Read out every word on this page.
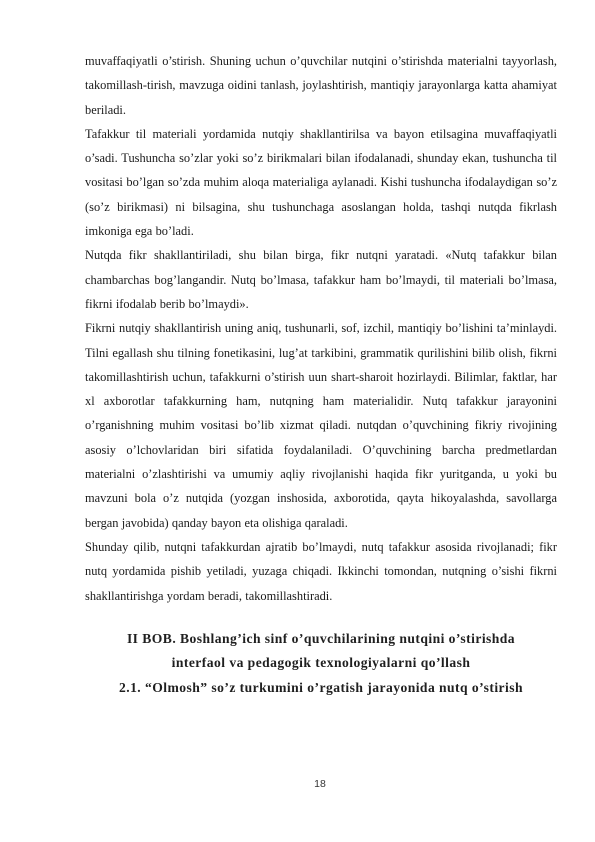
muvaffaqiyatli o’stirish. Shuning uchun o’quvchilar nutqini o’stirishda materialni tayyorlash, takomillash-tirish, mavzuga oidini tanlash, joylashtirish, mantiqiy jarayonlarga katta ahamiyat beriladi.

Tafakkur til materiali yordamida nutqiy shakllantirilsa va bayon etilsagina muvaffaqiyatli o’sadi. Tushuncha so’zlar yoki so’z birikmalari bilan ifodalanadi, shunday ekan, tushuncha til vositasi bo’lgan so’zda muhim aloqa materialiga aylanadi. Kishi tushuncha ifodalaydigan so’z (so’z birikmasi) ni bilsagina, shu tushunchaga asoslangan holda, tashqi nutqda fikrlash imkoniga ega bo’ladi.

Nutqda fikr shakllantiriladi, shu bilan birga, fikr nutqni yaratadi. «Nutq tafakkur bilan chambarchas bog’langandir. Nutq bo’lmasa, tafakkur ham bo’lmaydi, til materiali bo’lmasa, fikrni ifodalab berib bo’lmaydi».

Fikrni nutqiy shakllantirish uning aniq, tushunarli, sof, izchil, mantiqiy bo’lishini ta’minlaydi. Tilni egallash shu tilning fonetikasini, lug’at tarkibini, grammatik qurilishini bilib olish, fikrni takomillashtirish uchun, tafakkurni o’stirish uun shart-sharoit hozirlaydi. Bilimlar, faktlar, har xl axborotlar tafakkurning ham, nutqning ham materialidir. Nutq tafakkur jarayonini o’rganishning muhim vositasi bo’lib xizmat qiladi. nutqdan o’quvchining fikriy rivojining asosiy o’lchovlaridan biri sifatida foydalaniladi. O’quvchining barcha predmetlardan materialni o’zlashtirishi va umumiy aqliy rivojlanishi haqida fikr yuritganda, u yoki bu mavzuni bola o’z nutqida (yozgan inshosida, axborotida, qayta hikoyalashda, savollarga bergan javobida) qanday bayon eta olishiga qaraladi.

Shunday qilib, nutqni tafakkurdan ajratib bo’lmaydi, nutq tafakkur asosida rivojlanadi; fikr nutq yordamida pishib yetiladi, yuzaga chiqadi. Ikkinchi tomondan, nutqning o’sishi fikrni shakllantirishga yordam beradi, takomillashtiradi.

II BOB. Boshlang’ich sinf o’quvchilarining nutqini o’stirishda

interfaol va pedagogik texnologiyalarni qo’llash

2.1. “Olmosh” so’z turkumini o’rgatish jarayonida nutq o’stirish

18
